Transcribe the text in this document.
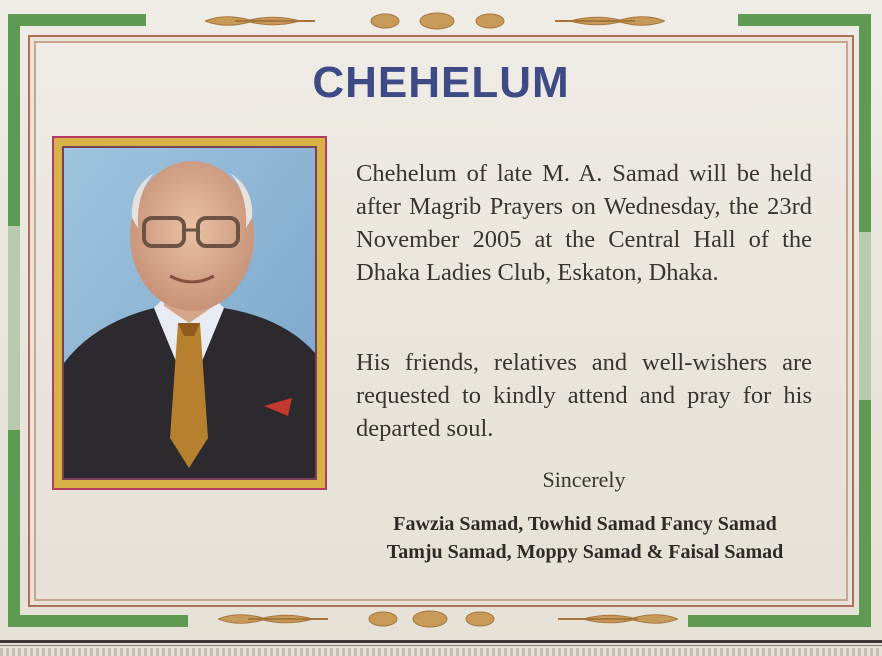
CHEHELUM
Chehelum of late M. A. Samad will be held after Magrib Prayers on Wednesday, the 23rd November 2005 at the Central Hall of the Dhaka Ladies Club, Eskaton, Dhaka.
His friends, relatives and well-wishers are requested to kindly attend and pray for his departed soul.
Sincerely
Fawzia Samad, Towhid Samad Fancy Samad
Tamju Samad, Moppy Samad & Faisal Samad
